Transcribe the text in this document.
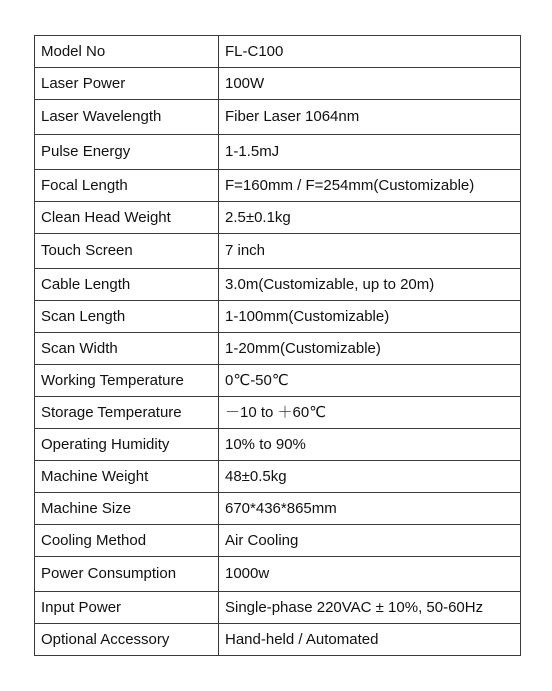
Model No	FL-C100
Laser Power	100W
Laser Wavelength	Fiber Laser 1064nm
Pulse Energy	1-1.5mJ
Focal Length	F=160mm / F=254mm(Customizable)
Clean Head Weight	2.5±0.1kg
Touch Screen	7 inch
Cable Length	3.0m(Customizable, up to 20m)
Scan Length	1-100mm(Customizable)
Scan Width	1-20mm(Customizable)
Working Temperature	0℃-50℃
Storage Temperature	－10 to ＋60℃
Operating Humidity	10% to 90%
Machine Weight	48±0.5kg
Machine Size	670*436*865mm
Cooling Method	Air Cooling
Power Consumption	1000w
Input Power	Single-phase 220VAC ± 10%, 50-60Hz
Optional Accessory	Hand-held / Automated
